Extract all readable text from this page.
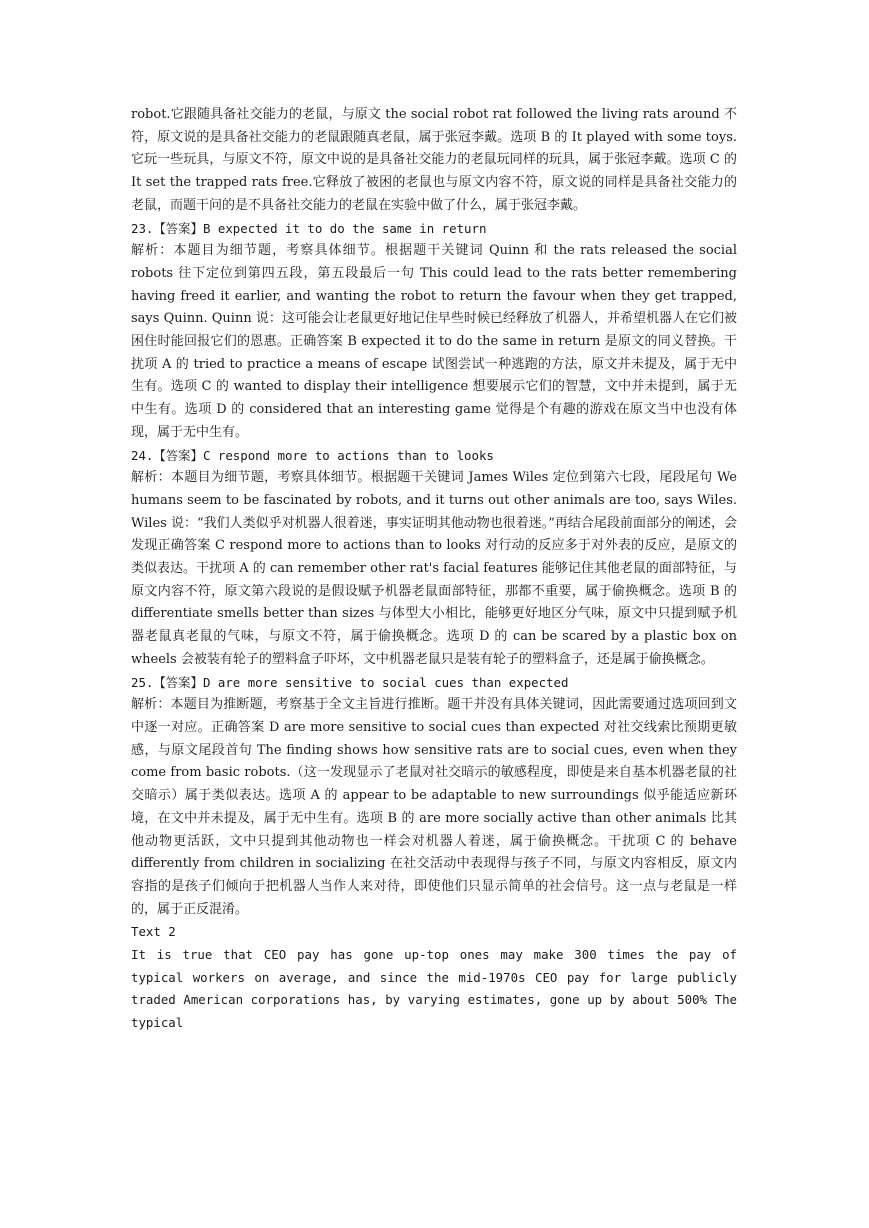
robot.它跟随具备社交能力的老鼠，与原文 the social robot rat followed the living rats around 不符，原文说的是具备社交能力的老鼠跟随真老鼠，属于张冠李戴。选项 B 的 It played with some toys.它玩一些玩具，与原文不符，原文中说的是具备社交能力的老鼠玩同样的玩具，属于张冠李戴。选项 C 的 It set the trapped rats free.它释放了被困的老鼠也与原文内容不符，原文说的同样是具备社交能力的老鼠，而题干问的是不具备社交能力的老鼠在实验中做了什么，属于张冠李戴。

23.【答案】B expected it to do the same in return

解析：本题目为细节题，考察具体细节。根据题干关键词 Quinn 和 the rats released the social robots 往下定位到第四五段，第五段最后一句 This could lead to the rats better remembering having freed it earlier, and wanting the robot to return the favour when they get trapped, says Quinn. Quinn 说：这可能会让老鼠更好地记住早些时候已经释放了机器人，并希望机器人在它们被困住时能回报它们的恩惠。正确答案 B expected it to do the same in return 是原文的同义替换。干扰项 A 的 tried to practice a means of escape 试图尝试一种逃跑的方法，原文并未提及，属于无中生有。选项 C 的 wanted to display their intelligence 想要展示它们的智慧，文中并未提到，属于无中生有。选项 D 的 considered that an interesting game 觉得是个有趣的游戏在原文当中也没有体现，属于无中生有。

24.【答案】C respond more to actions than to looks

解析：本题目为细节题，考察具体细节。根据题干关键词 James Wiles 定位到第六七段，尾段尾句 We humans seem to be fascinated by robots, and it turns out other animals are too, says Wiles. Wiles 说：“我们人类似乎对机器人很着迷，事实证明其他动物也很着迷。”再结合尾段前面部分的阐述，会发现正确答案 C respond more to actions than to looks 对行动的反应多于对外表的反应，是原文的类似表达。干扰项 A 的 can remember other rat's facial features 能够记住其他老鼠的面部特征，与原文内容不符，原文第六段说的是假设赋予机器老鼠面部特征，那都不重要，属于偷换概念。选项 B 的 differentiate smells better than sizes 与体型大小相比，能够更好地区分气味，原文中只提到赋予机器老鼠真老鼠的气味，与原文不符，属于偷换概念。选项 D 的 can be scared by a plastic box on wheels 会被装有轮子的塑料盒子吓坏，文中机器老鼠只是装有轮子的塑料盒子，还是属于偷换概念。

25.【答案】D are more sensitive to social cues than expected

解析：本题目为推断题，考察基于全文主旨进行推断。题干并没有具体关键词，因此需要通过选项回到文中逐一对应。正确答案 D are more sensitive to social cues than expected 对社交线索比预期更敏感，与原文尾段首句 The finding shows how sensitive rats are to social cues, even when they come from basic robots.（这一发现显示了老鼠对社交暗示的敏感程度，即使是来自基本机器老鼠的社交暗示）属于类似表达。选项 A 的 appear to be adaptable to new surroundings 似乎能适应新环境，在文中并未提及，属于无中生有。选项 B 的 are more socially active than other animals 比其他动物更活跃，文中只提到其他动物也一样会对机器人着迷，属于偷换概念。干扰项 C 的 behave differently from children in socializing 在社交活动中表现得与孩子不同，与原文内容相反，原文内容指的是孩子们倾向于把机器人当作人来对待，即使他们只显示简单的社会信号。这一点与老鼠是一样的，属于正反混淆。

Text 2

It is true that CEO pay has gone up-top ones may make 300 times the pay of typical workers on average, and since the mid-1970s CEO pay for large publicly traded American corporations has, by varying estimates, gone up by about 500% The typical
